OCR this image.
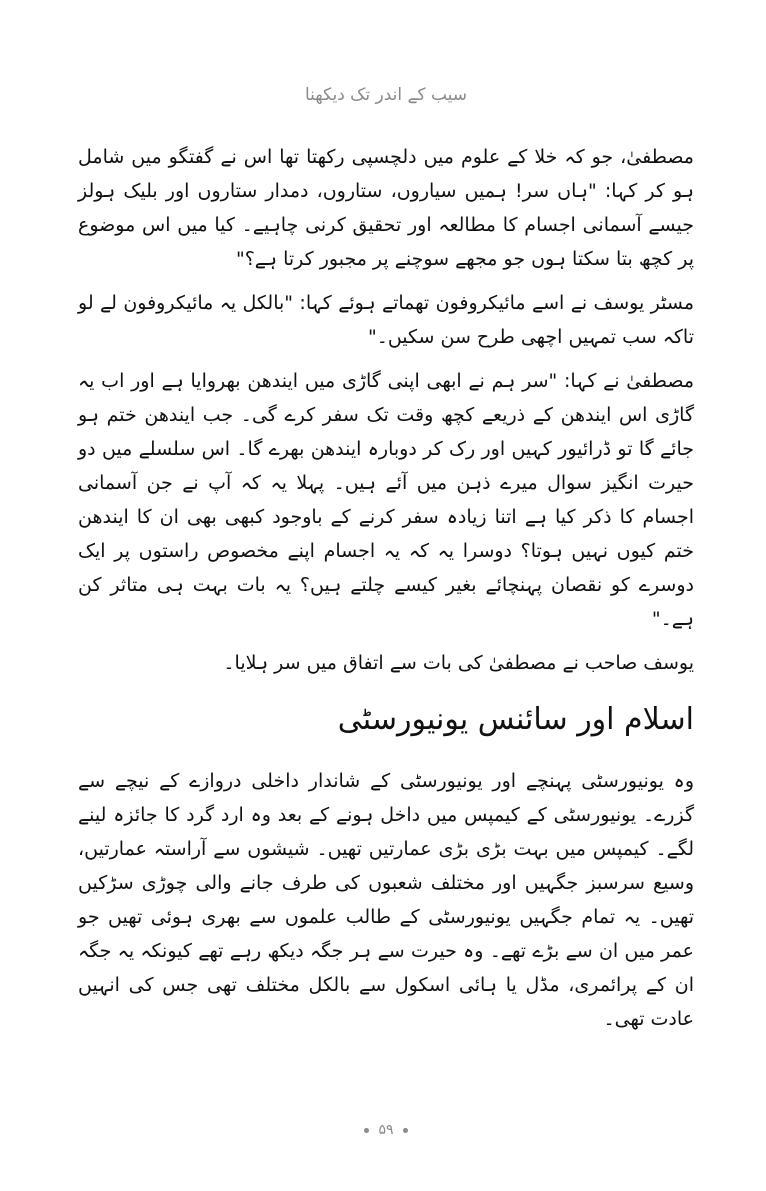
سیب کے اندر تک دیکھنا

مصطفیٰ، جو کہ خلا کے علوم میں دلچسپی رکھتا تھا اس نے گفتگو میں شامل ہو کر کہا: "ہاں سر! ہمیں سیاروں، ستاروں، دمدار ستاروں اور بلیک ہولز جیسے آسمانی اجسام کا مطالعہ اور تحقیق کرنی چاہیے۔ کیا میں اس موضوع پر کچھ بتا سکتا ہوں جو مجھے سوچنے پر مجبور کرتا ہے؟"

مسٹر یوسف نے اسے مائیکروفون تھماتے ہوئے کہا: "بالکل یہ مائیکروفون لے لو تاکہ سب تمہیں اچھی طرح سن سکیں۔"

مصطفیٰ نے کہا: "سر ہم نے ابھی اپنی گاڑی میں ایندھن بھروایا ہے اور اب یہ گاڑی اس ایندھن کے ذریعے کچھ وقت تک سفر کرے گی۔ جب ایندھن ختم ہو جائے گا تو ڈرائیور کہیں اور رک کر دوبارہ ایندھن بھرے گا۔ اس سلسلے میں دو حیرت انگیز سوال میرے ذہن میں آئے ہیں۔ پہلا یہ کہ آپ نے جن آسمانی اجسام کا ذکر کیا ہے اتنا زیادہ سفر کرنے کے باوجود کبھی بھی ان کا ایندھن ختم کیوں نہیں ہوتا؟ دوسرا یہ کہ یہ اجسام اپنے مخصوص راستوں پر ایک دوسرے کو نقصان پہنچائے بغیر کیسے چلتے ہیں؟ یہ بات بہت ہی متاثر کن ہے۔"

یوسف صاحب نے مصطفیٰ کی بات سے اتفاق میں سر ہلایا۔

اسلام اور سائنس یونیورسٹی

وہ یونیورسٹی پہنچے اور یونیورسٹی کے شاندار داخلی دروازے کے نیچے سے گزرے۔ یونیورسٹی کے کیمپس میں داخل ہونے کے بعد وہ ارد گرد کا جائزہ لینے لگے۔ کیمپس میں بہت بڑی بڑی عمارتیں تھیں۔ شیشوں سے آراستہ عمارتیں، وسیع سرسبز جگہیں اور مختلف شعبوں کی طرف جانے والی چوڑی سڑکیں تھیں۔ یہ تمام جگہیں یونیورسٹی کے طالب علموں سے بھری ہوئی تھیں جو عمر میں ان سے بڑے تھے۔ وہ حیرت سے ہر جگہ دیکھ رہے تھے کیونکہ یہ جگہ ان کے پرائمری، مڈل یا ہائی اسکول سے بالکل مختلف تھی جس کی انہیں عادت تھی۔

۵۹
